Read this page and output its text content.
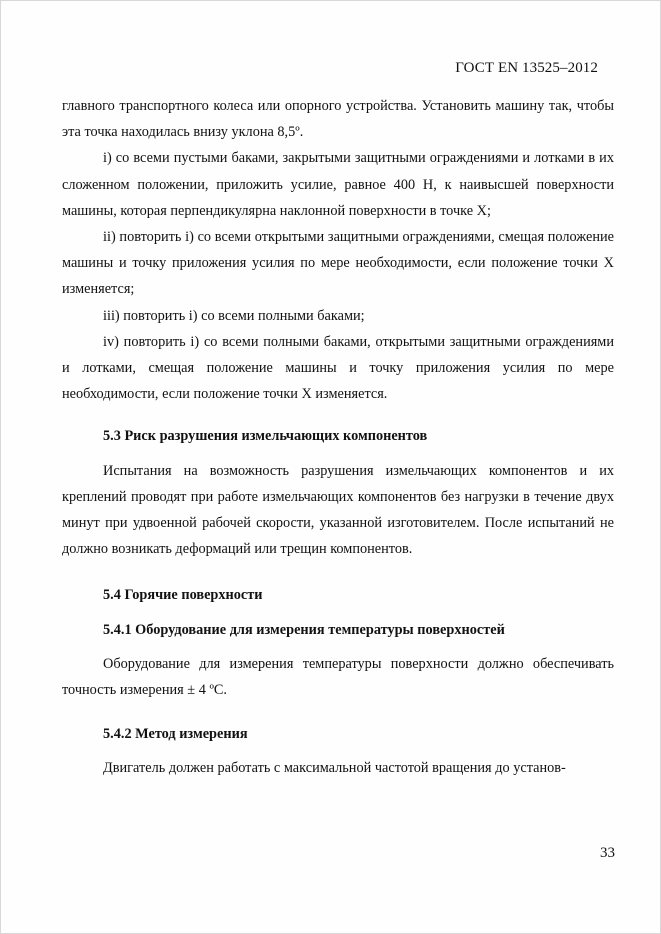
ГОСТ EN 13525–2012

главного транспортного колеса или опорного устройства. Установить машину так, чтобы эта точка находилась внизу уклона 8,5º.

i) со всеми пустыми баками, закрытыми защитными ограждениями и лотками в их сложенном положении, приложить усилие, равное 400 Н, к наивысшей поверхности машины, которая перпендикулярна наклонной поверхности в точке X;

ii) повторить i) со всеми открытыми защитными ограждениями, смещая положение машины и точку приложения усилия по мере необходимости, если положение точки X изменяется;

iii) повторить i) со всеми полными баками;

iv) повторить i) со всеми полными баками, открытыми защитными ограждениями и лотками, смещая положение машины и точку приложения усилия по мере необходимости, если положение точки X изменяется.

5.3 Риск разрушения измельчающих компонентов

Испытания на возможность разрушения измельчающих компонентов и их креплений проводят при работе измельчающих компонентов без нагрузки в течение двух минут при удвоенной рабочей скорости, указанной изготовителем. После испытаний не должно возникать деформаций или трещин компонентов.

5.4 Горячие поверхности

5.4.1 Оборудование для измерения температуры поверхностей

Оборудование для измерения температуры поверхности должно обеспечивать точность измерения ± 4 ºС.

5.4.2 Метод измерения

Двигатель должен работать с максимальной частотой вращения до установ-

33
